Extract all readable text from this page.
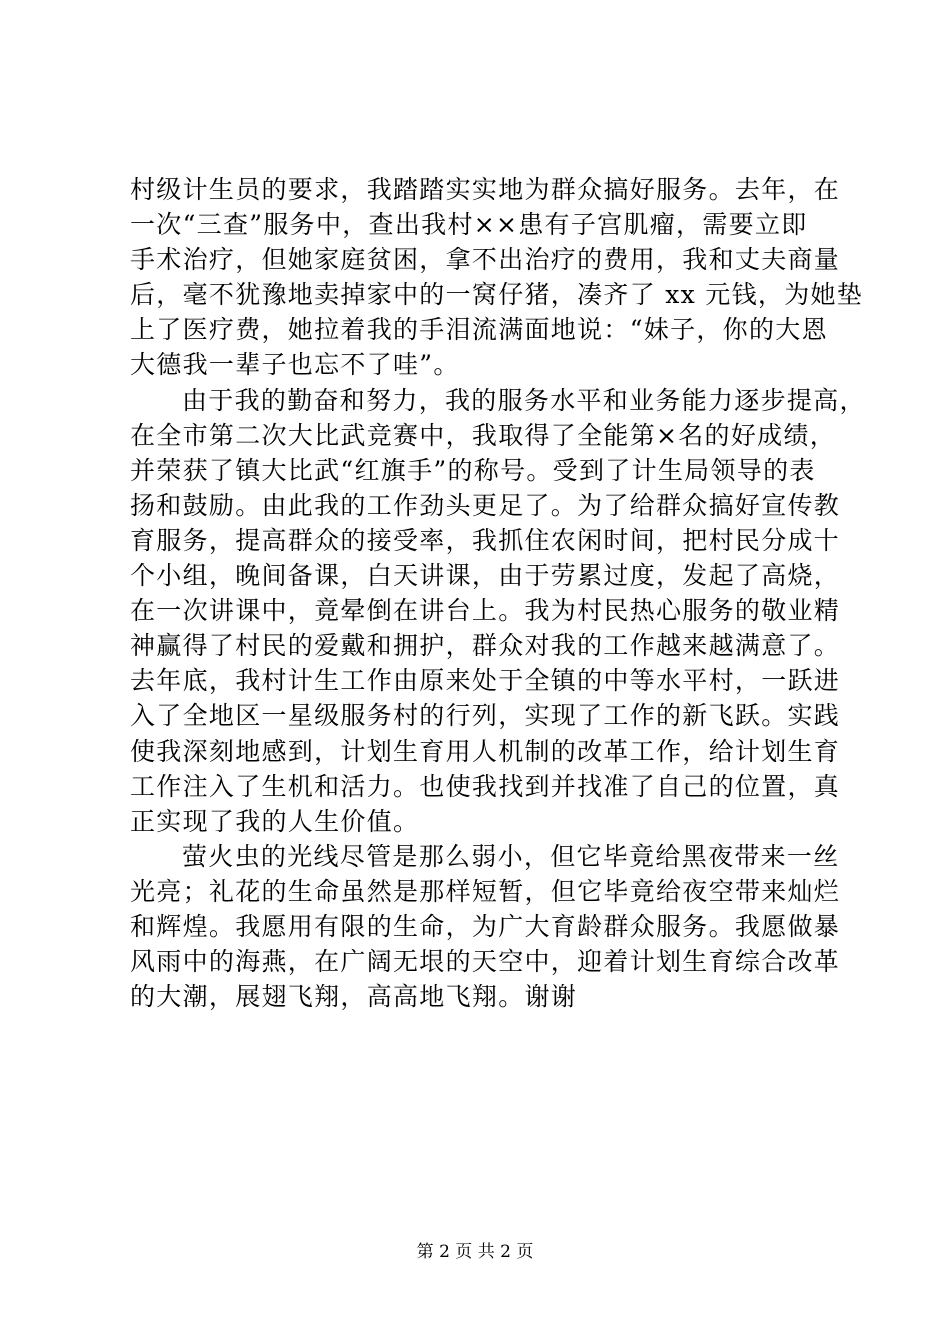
村级计生员的要求，我踏踏实实地为群众搞好服务。去年，在
一次“三查”服务中，查出我村××患有子宫肌瘤，需要立即
手术治疗，但她家庭贫困，拿不出治疗的费用，我和丈夫商量
后，毫不犹豫地卖掉家中的一窝仔猪，凑齐了 xx 元钱，为她垫
上了医疗费，她拉着我的手泪流满面地说：“妹子，你的大恩
大德我一辈子也忘不了哇”。
由于我的勤奋和努力，我的服务水平和业务能力逐步提高，
在全市第二次大比武竞赛中，我取得了全能第×名的好成绩，
并荣获了镇大比武“红旗手”的称号。受到了计生局领导的表
扬和鼓励。由此我的工作劲头更足了。为了给群众搞好宣传教
育服务，提高群众的接受率，我抓住农闲时间，把村民分成十
个小组，晚间备课，白天讲课，由于劳累过度，发起了高烧，
在一次讲课中，竟晕倒在讲台上。我为村民热心服务的敬业精
神赢得了村民的爱戴和拥护，群众对我的工作越来越满意了。
去年底，我村计生工作由原来处于全镇的中等水平村，一跃进
入了全地区一星级服务村的行列，实现了工作的新飞跃。实践
使我深刻地感到，计划生育用人机制的改革工作，给计划生育
工作注入了生机和活力。也使我找到并找准了自己的位置，真
正实现了我的人生价值。
萤火虫的光线尽管是那么弱小，但它毕竟给黑夜带来一丝
光亮；礼花的生命虽然是那样短暂，但它毕竟给夜空带来灿烂
和辉煌。我愿用有限的生命，为广大育龄群众服务。我愿做暴
风雨中的海燕，在广阔无垠的天空中，迎着计划生育综合改革
的大潮，展翅飞翔，高高地飞翔。谢谢
第 2 页 共 2 页
